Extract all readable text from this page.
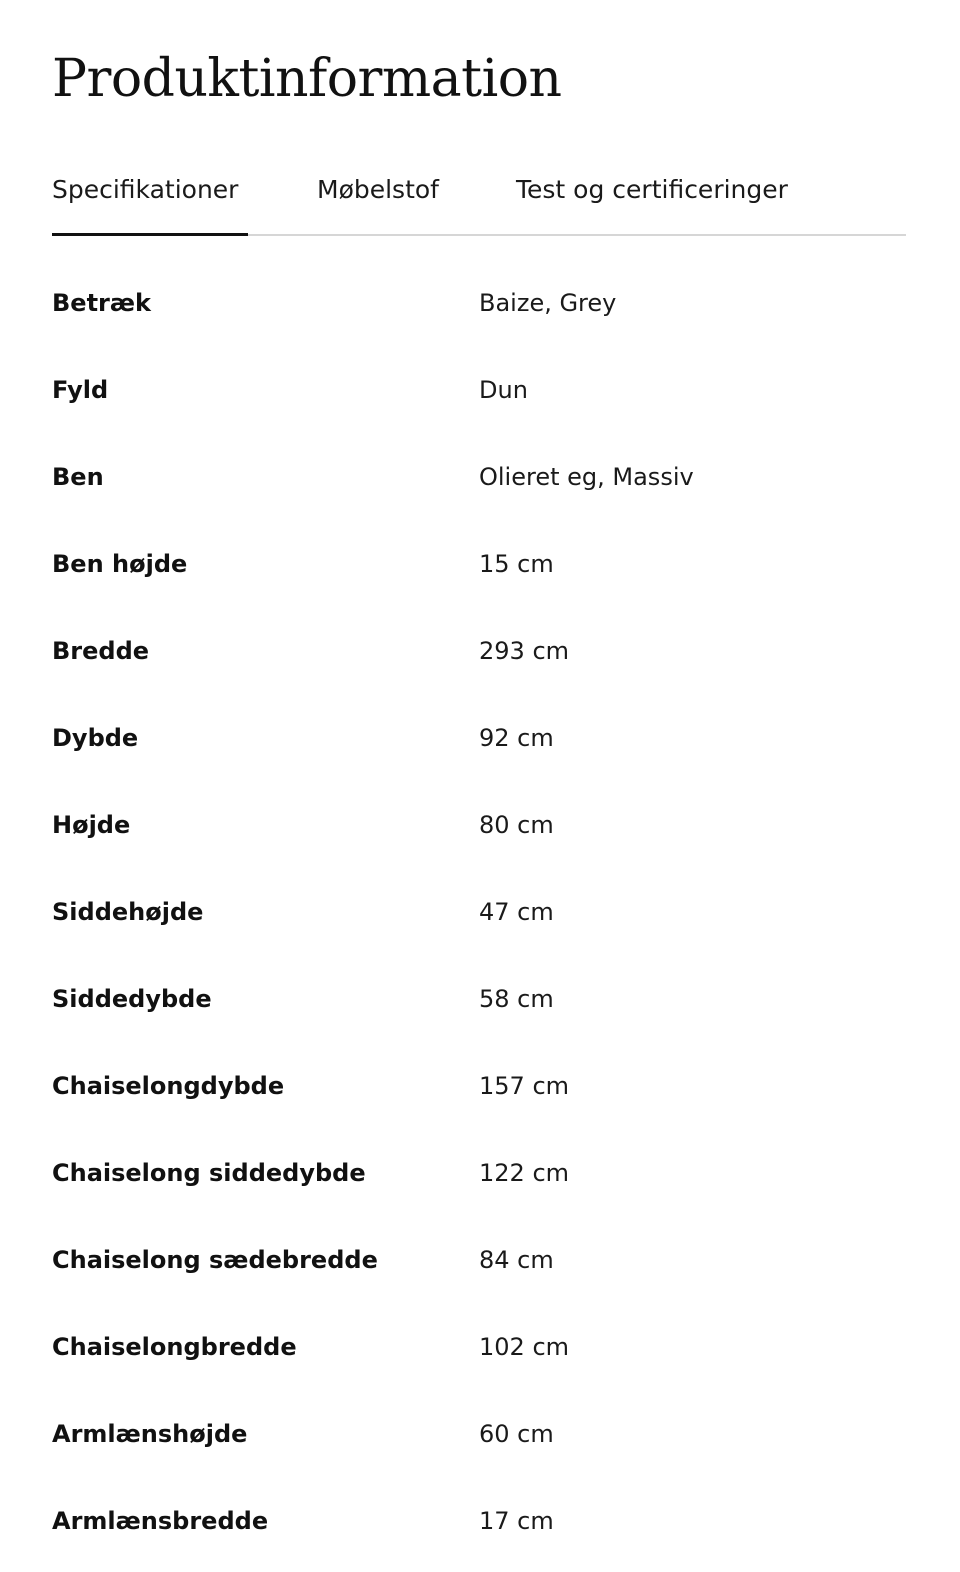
Produktinformation
Specifikationer	Møbelstof	Test og certificeringer
Betræk	Baize, Grey
Fyld	Dun
Ben	Olieret eg, Massiv
Ben højde	15 cm
Bredde	293 cm
Dybde	92 cm
Højde	80 cm
Siddehøjde	47 cm
Siddedybde	58 cm
Chaiselongdybde	157 cm
Chaiselong siddedybde	122 cm
Chaiselong sædebredde	84 cm
Chaiselongbredde	102 cm
Armlænshøjde	60 cm
Armlænsbredde	17 cm
